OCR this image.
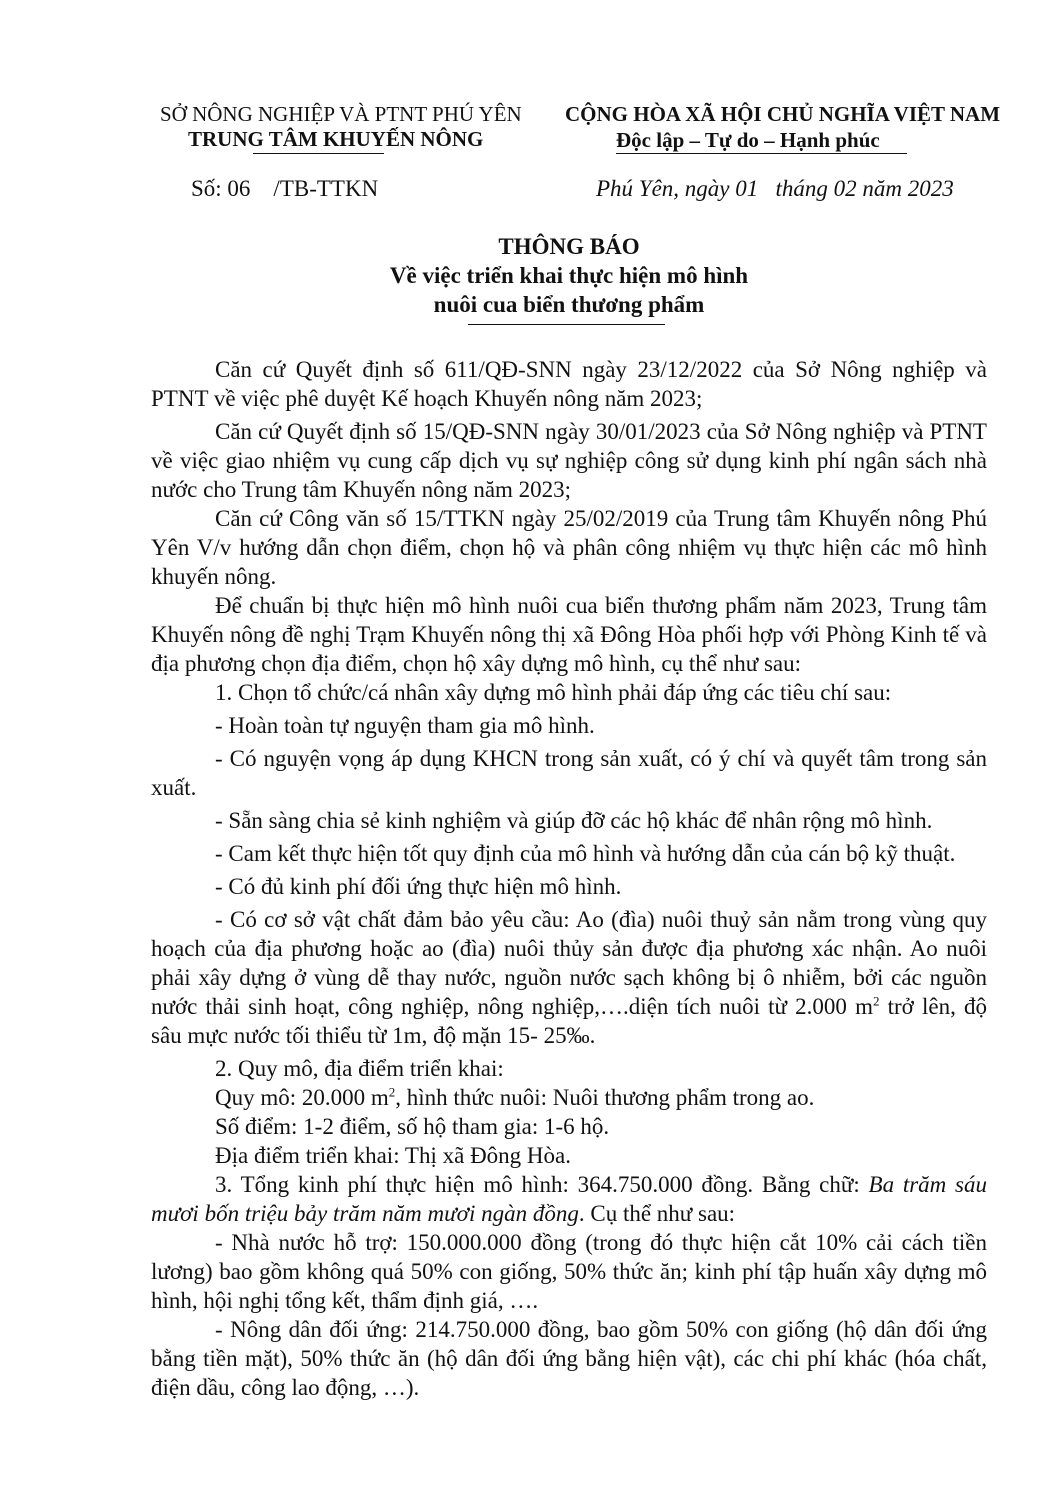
SỞ NÔNG NGHIỆP VÀ PTNT PHÚ YÊN
TRUNG TÂM KHUYẾN NÔNG
CỘNG HÒA XÃ HỘI CHỦ NGHĨA VIỆT NAM
Độc lập – Tự do – Hạnh phúc
Số: 06    /TB-TTKN	Phú Yên, ngày 01   tháng 02 năm 2023
THÔNG BÁO
Về việc triển khai thực hiện mô hình
nuôi cua biển thương phẩm

Căn cứ Quyết định số 611/QĐ-SNN ngày 23/12/2022 của Sở Nông nghiệp và PTNT về việc phê duyệt Kế hoạch Khuyến nông năm 2023;

Căn cứ Quyết định số 15/QĐ-SNN ngày 30/01/2023 của Sở Nông nghiệp và PTNT về việc giao nhiệm vụ cung cấp dịch vụ sự nghiệp công sử dụng kinh phí ngân sách nhà nước cho Trung tâm Khuyến nông năm 2023;

Căn cứ Công văn số 15/TTKN ngày 25/02/2019 của Trung tâm Khuyến nông Phú Yên V/v hướng dẫn chọn điểm, chọn hộ và phân công nhiệm vụ thực hiện các mô hình khuyến nông.

Để chuẩn bị thực hiện mô hình nuôi cua biển thương phẩm năm 2023, Trung tâm Khuyến nông đề nghị Trạm Khuyến nông thị xã Đông Hòa phối hợp với Phòng Kinh tế và địa phương chọn địa điểm, chọn hộ xây dựng mô hình, cụ thể như sau:

1. Chọn tổ chức/cá nhân xây dựng mô hình phải đáp ứng các tiêu chí sau:

- Hoàn toàn tự nguyện tham gia mô hình.

- Có nguyện vọng áp dụng KHCN trong sản xuất, có ý chí và quyết tâm trong sản xuất.

- Sẵn sàng chia sẻ kinh nghiệm và giúp đỡ các hộ khác để nhân rộng mô hình.

- Cam kết thực hiện tốt quy định của mô hình và hướng dẫn của cán bộ kỹ thuật.

- Có đủ kinh phí đối ứng thực hiện mô hình.

- Có cơ sở vật chất đảm bảo yêu cầu: Ao (đìa) nuôi thuỷ sản nằm trong vùng quy hoạch của địa phương hoặc ao (đìa) nuôi thủy sản được địa phương xác nhận. Ao nuôi phải xây dựng ở vùng dễ thay nước, nguồn nước sạch không bị ô nhiễm, bởi các nguồn nước thải sinh hoạt, công nghiệp, nông nghiệp,….diện tích nuôi từ 2.000 $m^2$ trở lên, độ sâu mực nước tối thiểu từ 1m, độ mặn 15- 25‰.

2. Quy mô, địa điểm triển khai:

Quy mô: 20.000 $m^2$, hình thức nuôi: Nuôi thương phẩm trong ao.

Số điểm: 1-2 điểm, số hộ tham gia: 1-6 hộ.

Địa điểm triển khai: Thị xã Đông Hòa.

3. Tổng kinh phí thực hiện mô hình: 364.750.000 đồng. Bằng chữ: Ba trăm sáu mươi bốn triệu bảy trăm năm mươi ngàn đồng. Cụ thể như sau:

- Nhà nước hỗ trợ: 150.000.000 đồng (trong đó thực hiện cắt 10% cải cách tiền lương) bao gồm không quá 50% con giống, 50% thức ăn; kinh phí tập huấn xây dựng mô hình, hội nghị tổng kết, thẩm định giá, ….

- Nông dân đối ứng: 214.750.000 đồng, bao gồm 50% con giống (hộ dân đối ứng bằng tiền mặt), 50% thức ăn (hộ dân đối ứng bằng hiện vật), các chi phí khác (hóa chất, điện dầu, công lao động, …).
